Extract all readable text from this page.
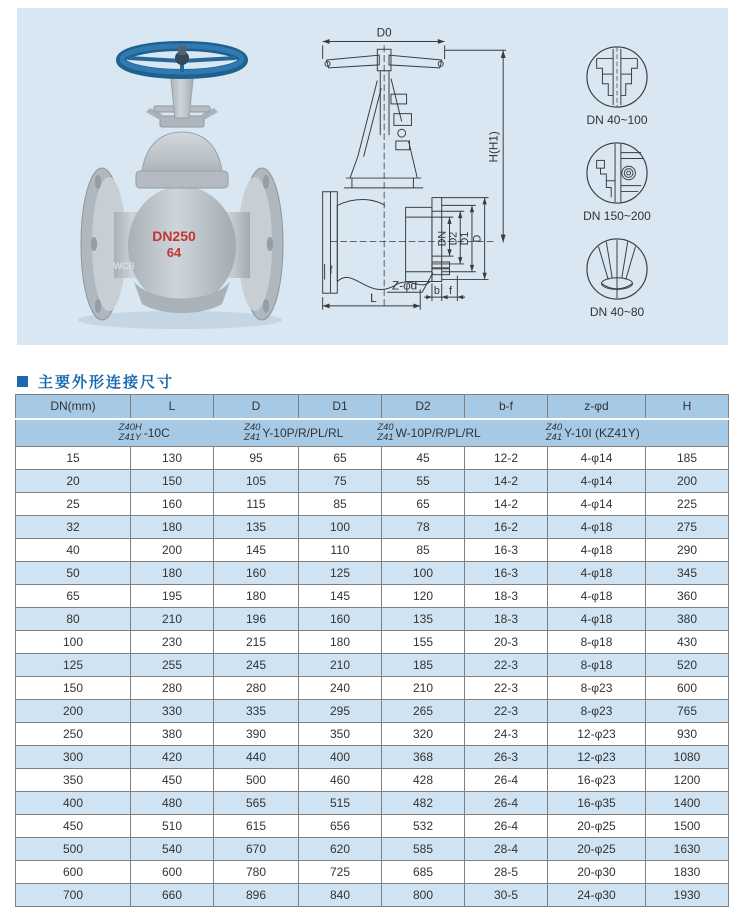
DN250
64
WCB
D0
H(H1)
DN
D2 D1 D
Z-φd
f
b f
L
DN 40~100
DN 150~200
DN 40~80
主要外形连接尺寸
DN(mm)	L	D	D1	D2	b-f	z-φd	H

Z40H
Z41Y -10C	Z40
Z41 Y-10P/R/PL/RL	Z40
Z41 W-10P/R/PL/RL	Z40
Z41 Y-10I (KZ41Y)

15	130	95	65	45	12-2	4-φ14	185
20	150	105	75	55	14-2	4-φ14	200
25	160	115	85	65	14-2	4-φ14	225
32	180	135	100	78	16-2	4-φ18	275
40	200	145	110	85	16-3	4-φ18	290
50	180	160	125	100	16-3	4-φ18	345
65	195	180	145	120	18-3	4-φ18	360
80	210	196	160	135	18-3	4-φ18	380
100	230	215	180	155	20-3	8-φ18	430
125	255	245	210	185	22-3	8-φ18	520
150	280	280	240	210	22-3	8-φ23	600
200	330	335	295	265	22-3	8-φ23	765
250	380	390	350	320	24-3	12-φ23	930
300	420	440	400	368	26-3	12-φ23	1080
350	450	500	460	428	26-4	16-φ23	1200
400	480	565	515	482	26-4	16-φ35	1400
450	510	615	656	532	26-4	20-φ25	1500
500	540	670	620	585	28-4	20-φ25	1630
600	600	780	725	685	28-5	20-φ30	1830
700	660	896	840	800	30-5	24-φ30	1930
